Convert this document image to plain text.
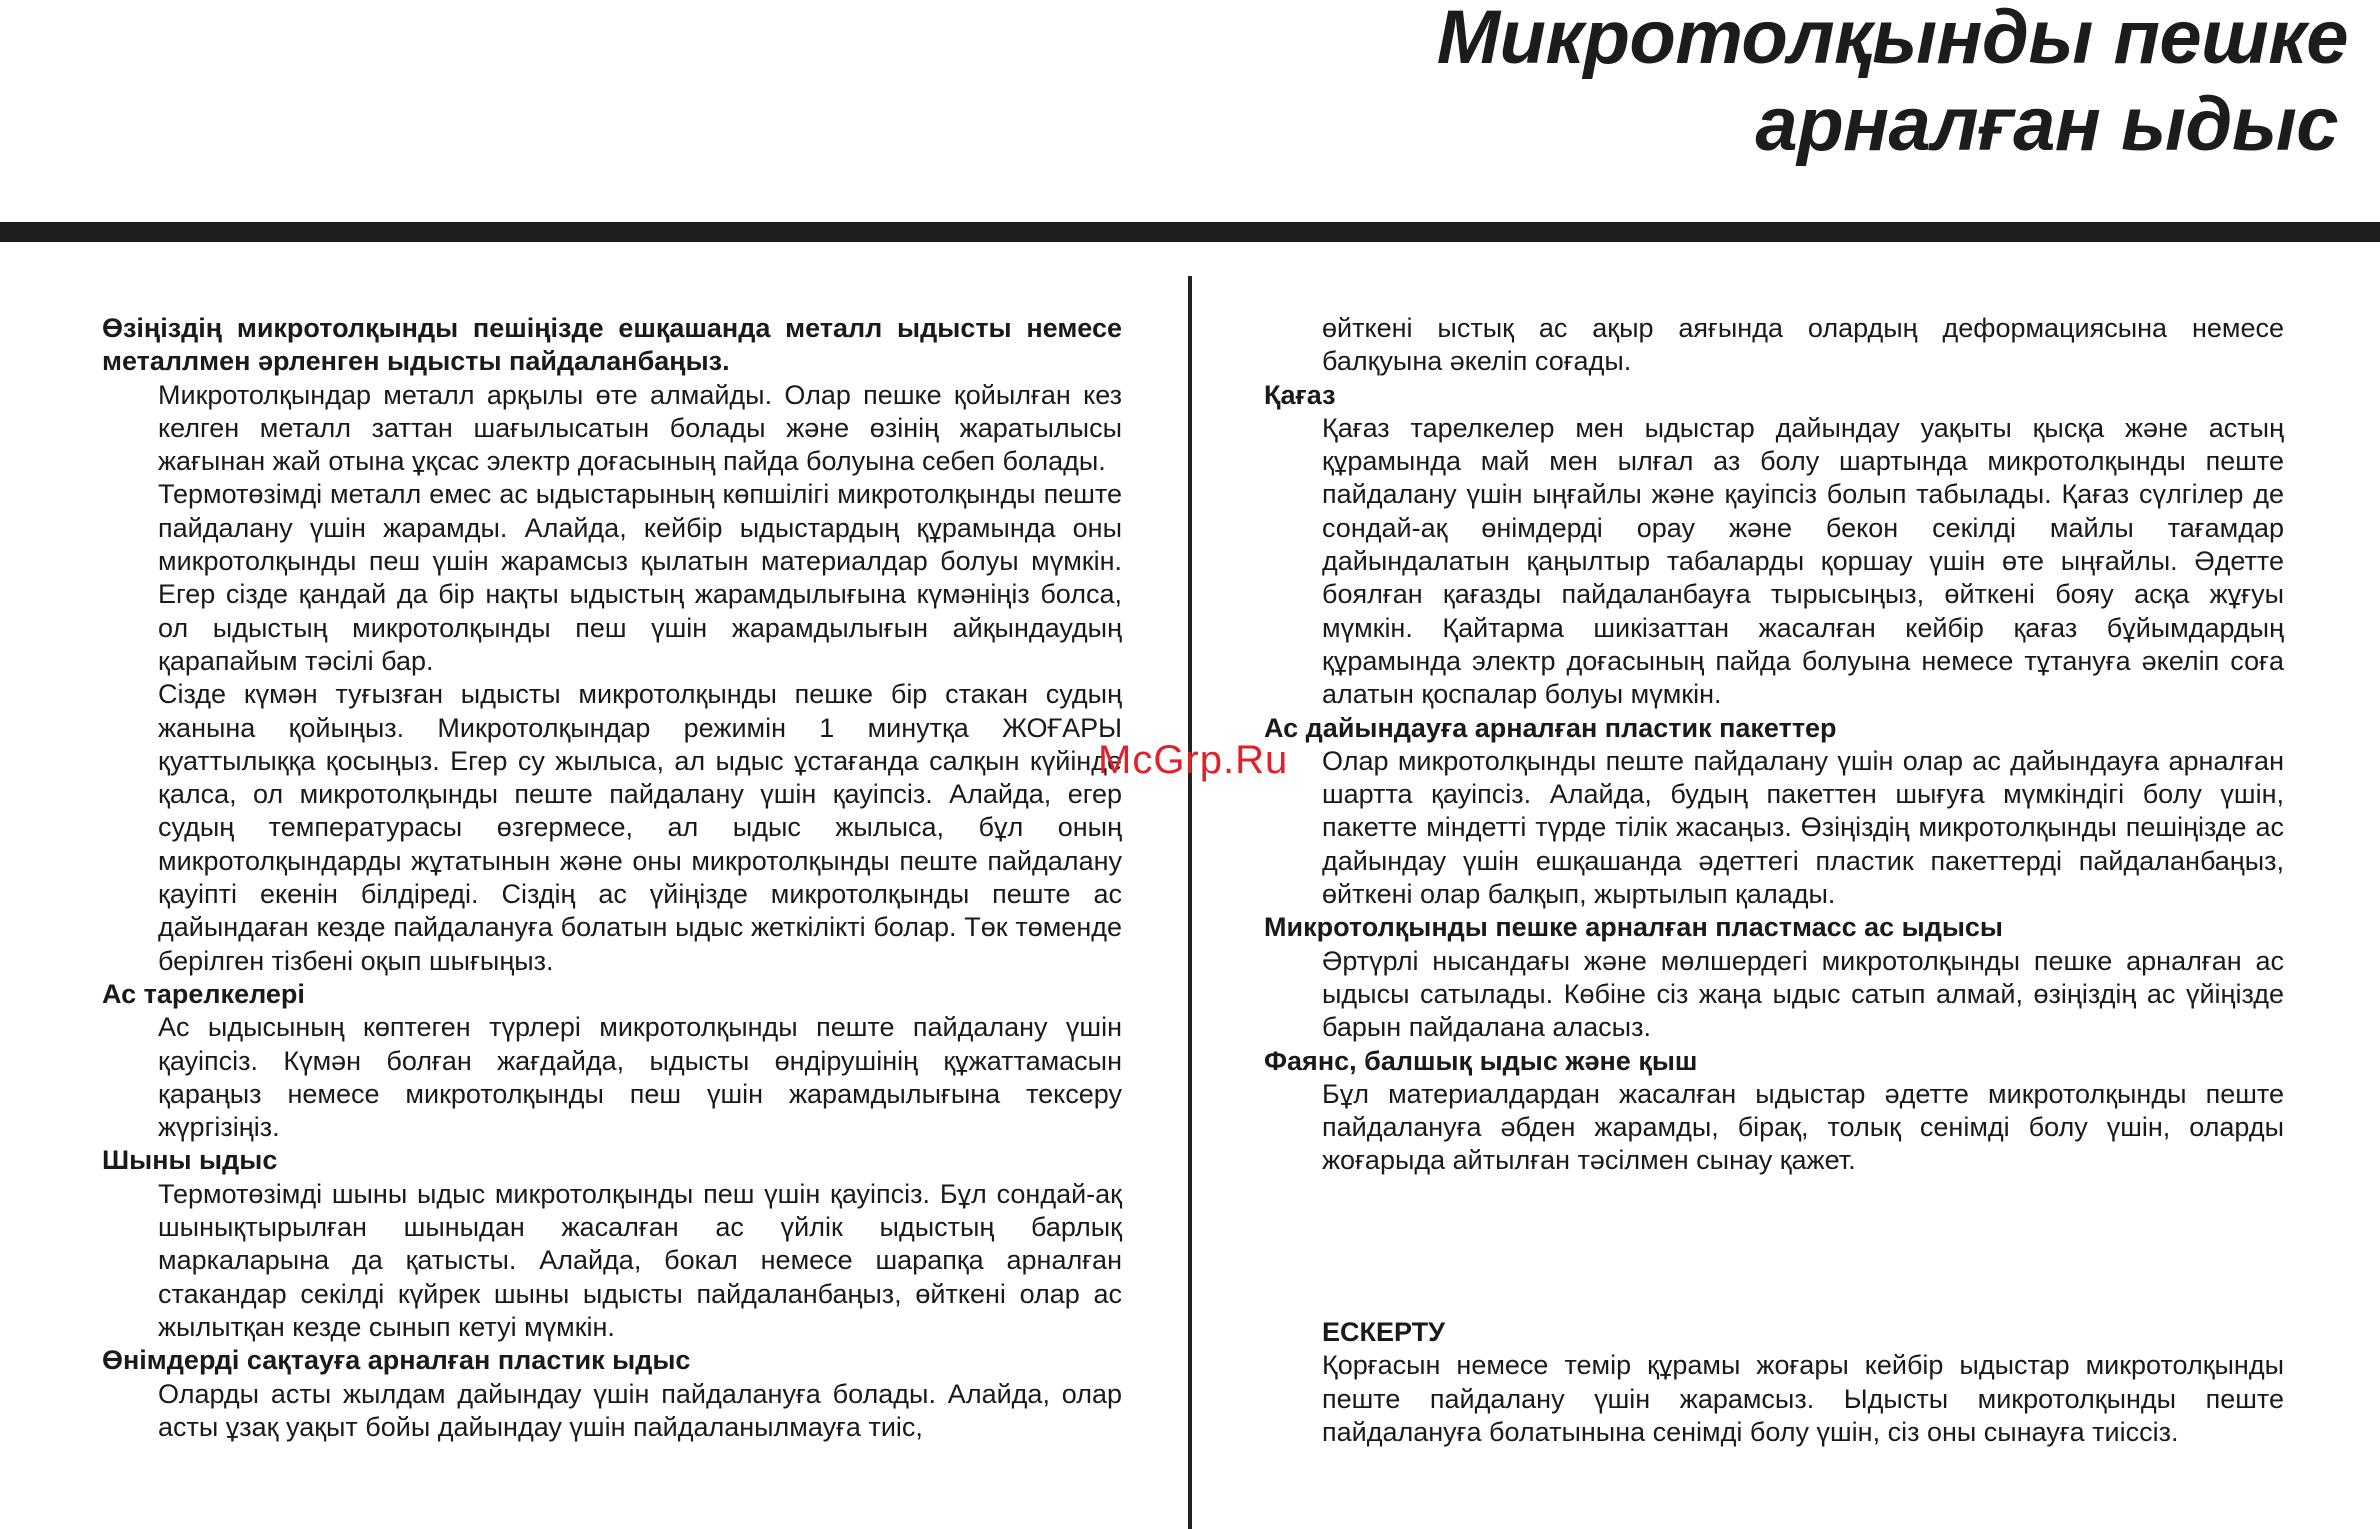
Микротолқынды пешке
арналған ыдыс

Өзіңіздің микротолқынды пешіңізде ешқашанда металл ыдысты немесе металлмен әрленген ыдысты пайдаланбаңыз.

Микротолқындар металл арқылы өте алмайды. Олар пешке қойылған кез келген металл заттан шағылысатын болады және өзінің жаратылысы жағынан жай отына ұқсас электр доғасының пайда болуына себеп болады.

Термотөзімді металл емес ас ыдыстарының көпшілігі микротолқынды пеште пайдалану үшін жарамды. Алайда, кейбір ыдыстардың құрамында оны микротолқынды пеш үшін жарамсыз қылатын материалдар болуы мүмкін. Егер сізде қандай да бір нақты ыдыстың жарамдылығына күмәніңіз болса, ол ыдыстың микротолқынды пеш үшін жарамдылығын айқындаудың қарапайым тәсілі бар.

Сізде күмән туғызған ыдысты микротолқынды пешке бір стакан судың жанына қойыңыз. Микротолқындар режимін 1 минутқа ЖОҒАРЫ қуаттылыққа қосыңыз. Егер су жылыса, ал ыдыс ұстағанда салқын күйінде қалса, ол микротолқынды пеште пайдалану үшін қауіпсіз. Алайда, егер судың температурасы өзгермесе, ал ыдыс жылыса, бұл оның микротолқындарды жұтатынын және оны микротолқынды пеште пайдалану қауіпті екенін білдіреді. Сіздің ас үйіңізде микротолқынды пеште ас дайындаған кезде пайдалануға болатын ыдыс жеткілікті болар. Төк төменде берілген тізбені оқып шығыңыз.

Ас тарелкелері

Ас ыдысының көптеген түрлері микротолқынды пеште пайдалану үшін қауіпсіз. Күмән болған жағдайда, ыдысты өндірушінің құжаттамасын қараңыз немесе микротолқынды пеш үшін жарамдылығына тексеру жүргізіңіз.

Шыны ыдыс

Термотөзімді шыны ыдыс микротолқынды пеш үшін қауіпсіз. Бұл сондай-ақ шынықтырылған шыныдан жасалған ас үйлік ыдыстың барлық маркаларына да қатысты. Алайда, бокал немесе шарапқа арналған стакандар секілді күйрек шыны ыдысты пайдаланбаңыз, өйткені олар ас жылытқан кезде сынып кетуі мүмкін.

Өнімдерді сақтауға арналған пластик ыдыс

Оларды асты жылдам дайындау үшін пайдалануға болады. Алайда, олар асты ұзақ уақыт бойы дайындау үшін пайдаланылмауға тиіс,

өйткені ыстық ас ақыр аяғында олардың деформациясына немесе балқуына әкеліп соғады.

Қағаз

Қағаз тарелкелер мен ыдыстар дайындау уақыты қысқа және астың құрамында май мен ылғал аз болу шартында микротолқынды пеште пайдалану үшін ыңғайлы және қауіпсіз болып табылады. Қағаз сүлгілер де сондай-ақ өнімдерді орау және бекон секілді майлы тағамдар дайындалатын қаңылтыр табаларды қоршау үшін өте ыңғайлы. Әдетте боялған қағазды пайдаланбауға тырысыңыз, өйткені бояу асқа жұғуы мүмкін. Қайтарма шикізаттан жасалған кейбір қағаз бұйымдардың құрамында электр доғасының пайда болуына немесе тұтануға әкеліп соға алатын қоспалар болуы мүмкін.

Ас дайындауға арналған пластик пакеттер

Олар микротолқынды пеште пайдалану үшін олар ас дайындауға арналған шартта қауіпсіз. Алайда, будың пакеттен шығуға мүмкіндігі болу үшін, пакетте міндетті түрде тілік жасаңыз. Өзіңіздің микротолқынды пешіңізде ас дайындау үшін ешқашанда әдеттегі пластик пакеттерді пайдаланбаңыз, өйткені олар балқып, жыртылып қалады.

Микротолқынды пешке арналған пластмасс ас ыдысы

Әртүрлі нысандағы және мөлшердегі микротолқынды пешке арналған ас ыдысы сатылады. Көбіне сіз жаңа ыдыс сатып алмай, өзіңіздің ас үйіңізде барын пайдалана аласыз.

Фаянс, балшық ыдыс және қыш

Бұл материалдардан жасалған ыдыстар әдетте микротолқынды пеште пайдалануға әбден жарамды, бірақ, толық сенімді болу үшін, оларды жоғарыда айтылған тәсілмен сынау қажет.

ЕСКЕРТУ

Қорғасын немесе темір құрамы жоғары кейбір ыдыстар микротолқынды пеште пайдалану үшін жарамсыз. Ыдысты микротолқынды пеште пайдалануға болатынына сенімді болу үшін, сіз оны сынауға тиіссіз.

McGrp.Ru
